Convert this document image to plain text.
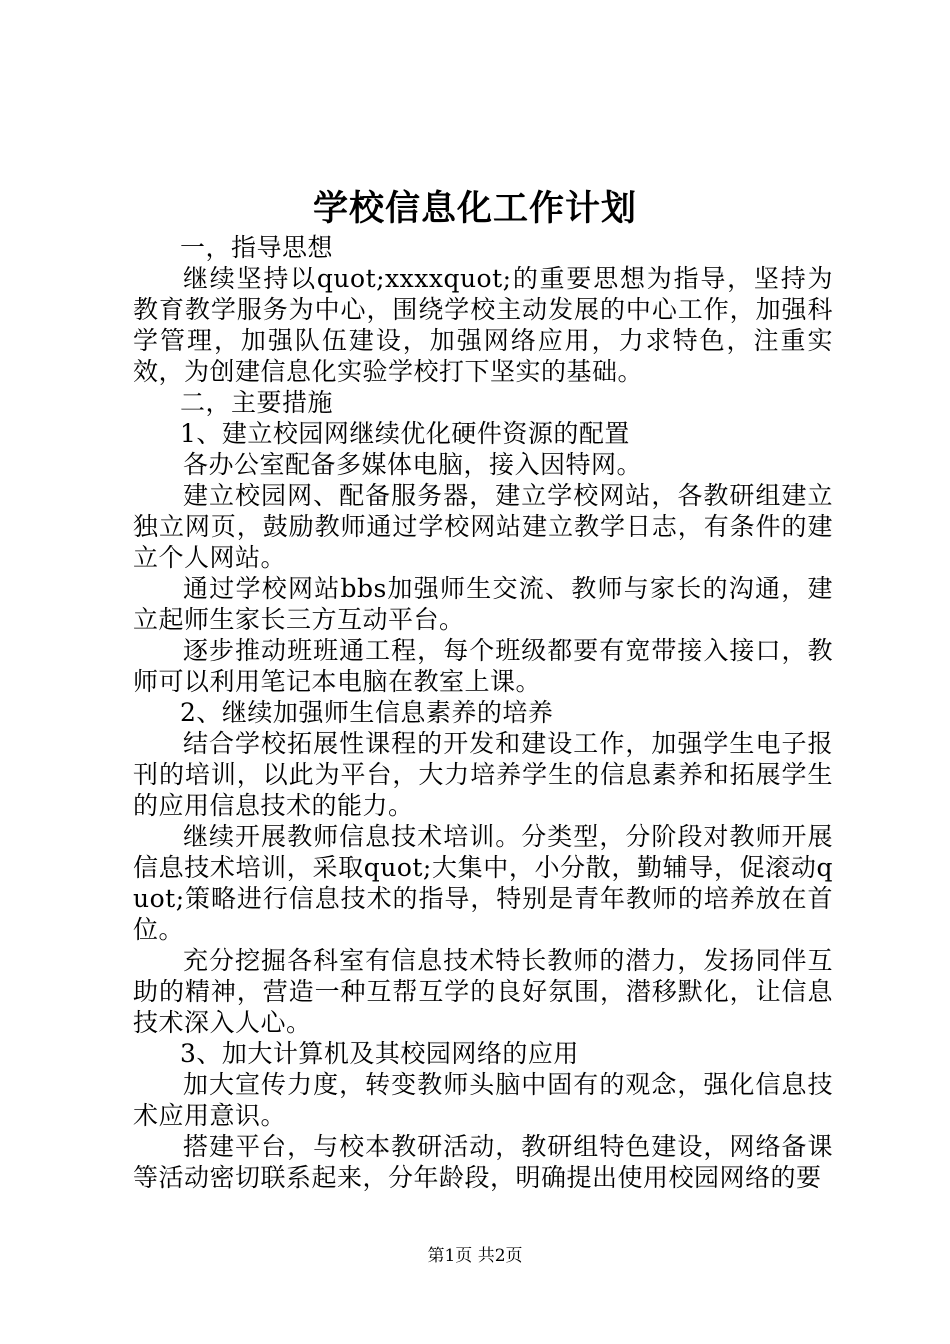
学校信息化工作计划
一，指导思想

继续坚持以quot;xxxxquot;的重要思想为指导，坚持为教育教学服务为中心，围绕学校主动发展的中心工作，加强科学管理，加强队伍建设，加强网络应用，力求特色，注重实效，为创建信息化实验学校打下坚实的基础。

二，主要措施
1、建立校园网继续优化硬件资源的配置

各办公室配备多媒体电脑，接入因特网。

建立校园网、配备服务器，建立学校网站，各教研组建立独立网页，鼓励教师通过学校网站建立教学日志，有条件的建立个人网站。

通过学校网站bbs加强师生交流、教师与家长的沟通，建立起师生家长三方互动平台。

逐步推动班班通工程，每个班级都要有宽带接入接口，教师可以利用笔记本电脑在教室上课。

2、继续加强师生信息素养的培养

结合学校拓展性课程的开发和建设工作，加强学生电子报刊的培训，以此为平台，大力培养学生的信息素养和拓展学生的应用信息技术的能力。

继续开展教师信息技术培训。分类型，分阶段对教师开展信息技术培训，采取quot;大集中，小分散，勤辅导，促滚动quot;策略进行信息技术的指导，特别是青年教师的培养放在首位。

充分挖掘各科室有信息技术特长教师的潜力，发扬同伴互助的精神，营造一种互帮互学的良好氛围，潜移默化，让信息技术深入人心。

3、加大计算机及其校园网络的应用

加大宣传力度，转变教师头脑中固有的观念，强化信息技术应用意识。

搭建平台，与校本教研活动，教研组特色建设，网络备课等活动密切联系起来，分年龄段，明确提出使用校园网络的要

第1页 共2页
